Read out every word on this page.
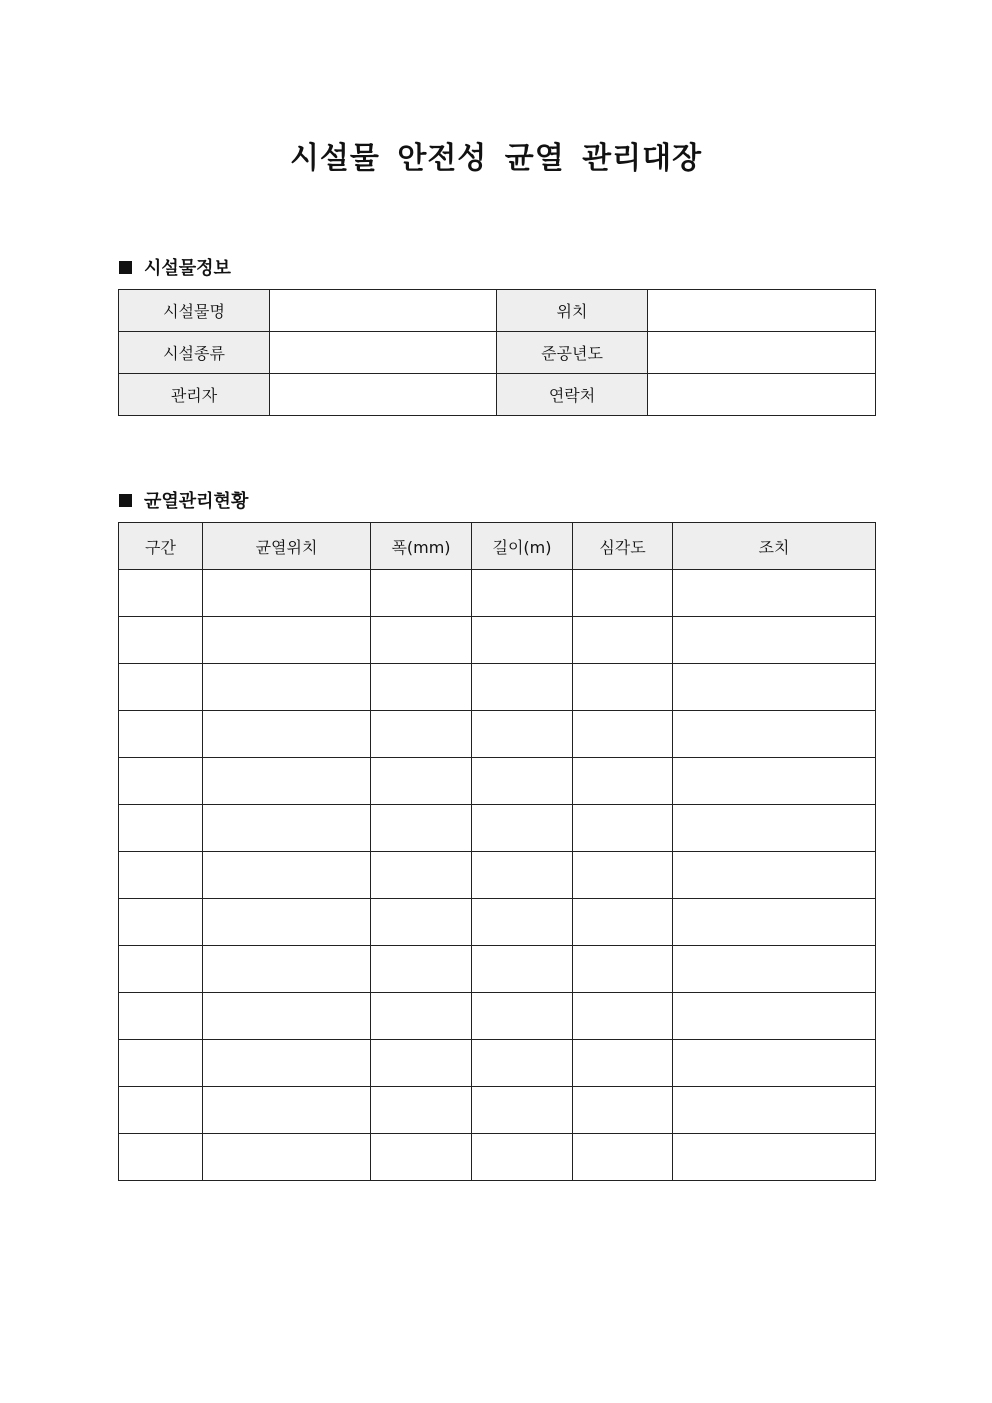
시설물 안전성 균열 관리대장
시설물정보
시설물명		위치	
시설종류		준공년도	
관리자		연락처	
균열관리현황
구간	균열위치	폭(mm)	길이(m)	심각도	조치
